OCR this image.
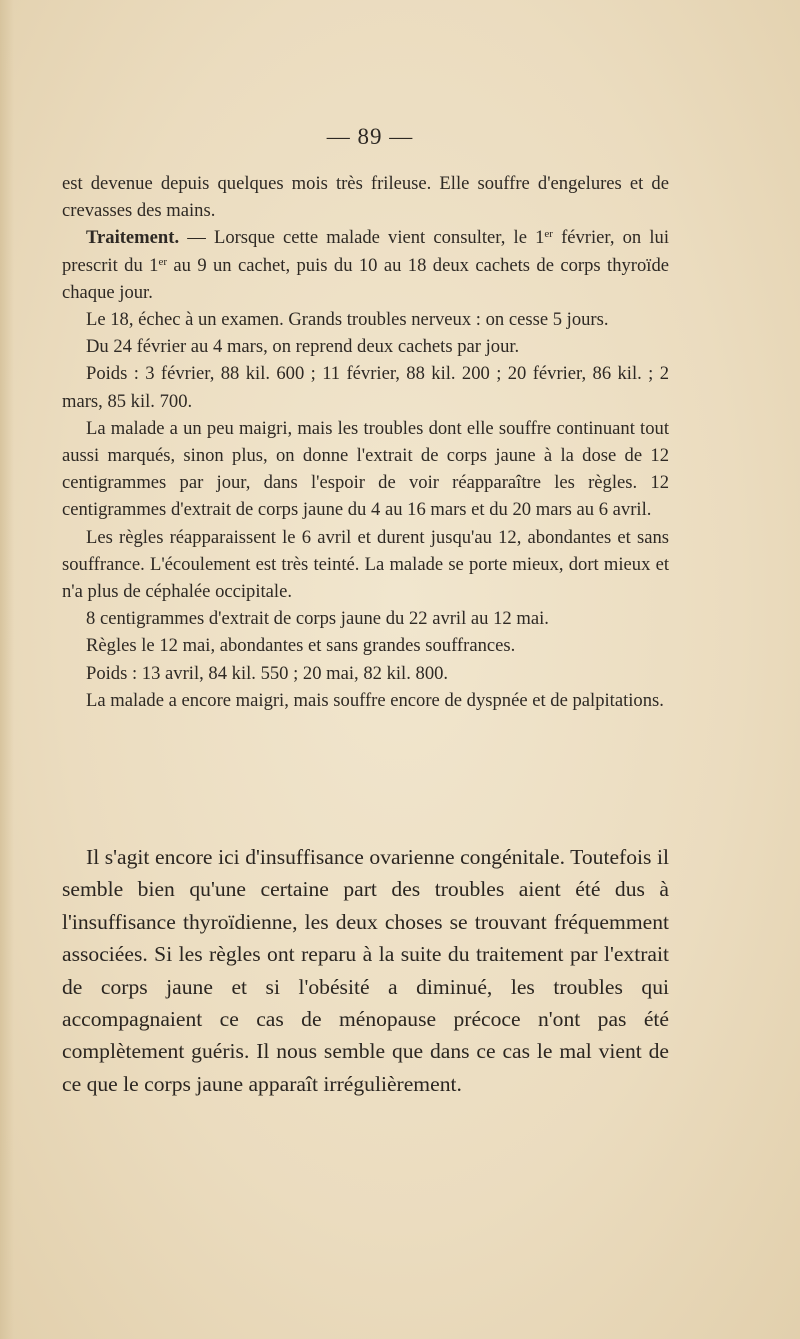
— 89 —

est devenue depuis quelques mois très frileuse. Elle souffre d'engelures et de crevasses des mains.

Traitement. — Lorsque cette malade vient consulter, le 1er février, on lui prescrit du 1er au 9 un cachet, puis du 10 au 18 deux cachets de corps thyroïde chaque jour.

Le 18, échec à un examen. Grands troubles nerveux : on cesse 5 jours.

Du 24 février au 4 mars, on reprend deux cachets par jour.

Poids : 3 février, 88 kil. 600 ; 11 février, 88 kil. 200 ; 20 février, 86 kil. ; 2 mars, 85 kil. 700.

La malade a un peu maigri, mais les troubles dont elle souffre continuant tout aussi marqués, sinon plus, on donne l'extrait de corps jaune à la dose de 12 centigrammes par jour, dans l'espoir de voir réapparaître les règles. 12 centigrammes d'extrait de corps jaune du 4 au 16 mars et du 20 mars au 6 avril.

Les règles réapparaissent le 6 avril et durent jusqu'au 12, abondantes et sans souffrance. L'écoulement est très teinté. La malade se porte mieux, dort mieux et n'a plus de céphalée occipitale.

8 centigrammes d'extrait de corps jaune du 22 avril au 12 mai.

Règles le 12 mai, abondantes et sans grandes souffrances.

Poids : 13 avril, 84 kil. 550 ; 20 mai, 82 kil. 800.

La malade a encore maigri, mais souffre encore de dyspnée et de palpitations.

Il s'agit encore ici d'insuffisance ovarienne congénitale. Toutefois il semble bien qu'une certaine part des troubles aient été dus à l'insuffisance thyroïdienne, les deux choses se trouvant fréquemment associées. Si les règles ont reparu à la suite du traitement par l'extrait de corps jaune et si l'obésité a diminué, les troubles qui accompagnaient ce cas de ménopause précoce n'ont pas été complètement guéris. Il nous semble que dans ce cas le mal vient de ce que le corps jaune apparaît irrégulièrement.
